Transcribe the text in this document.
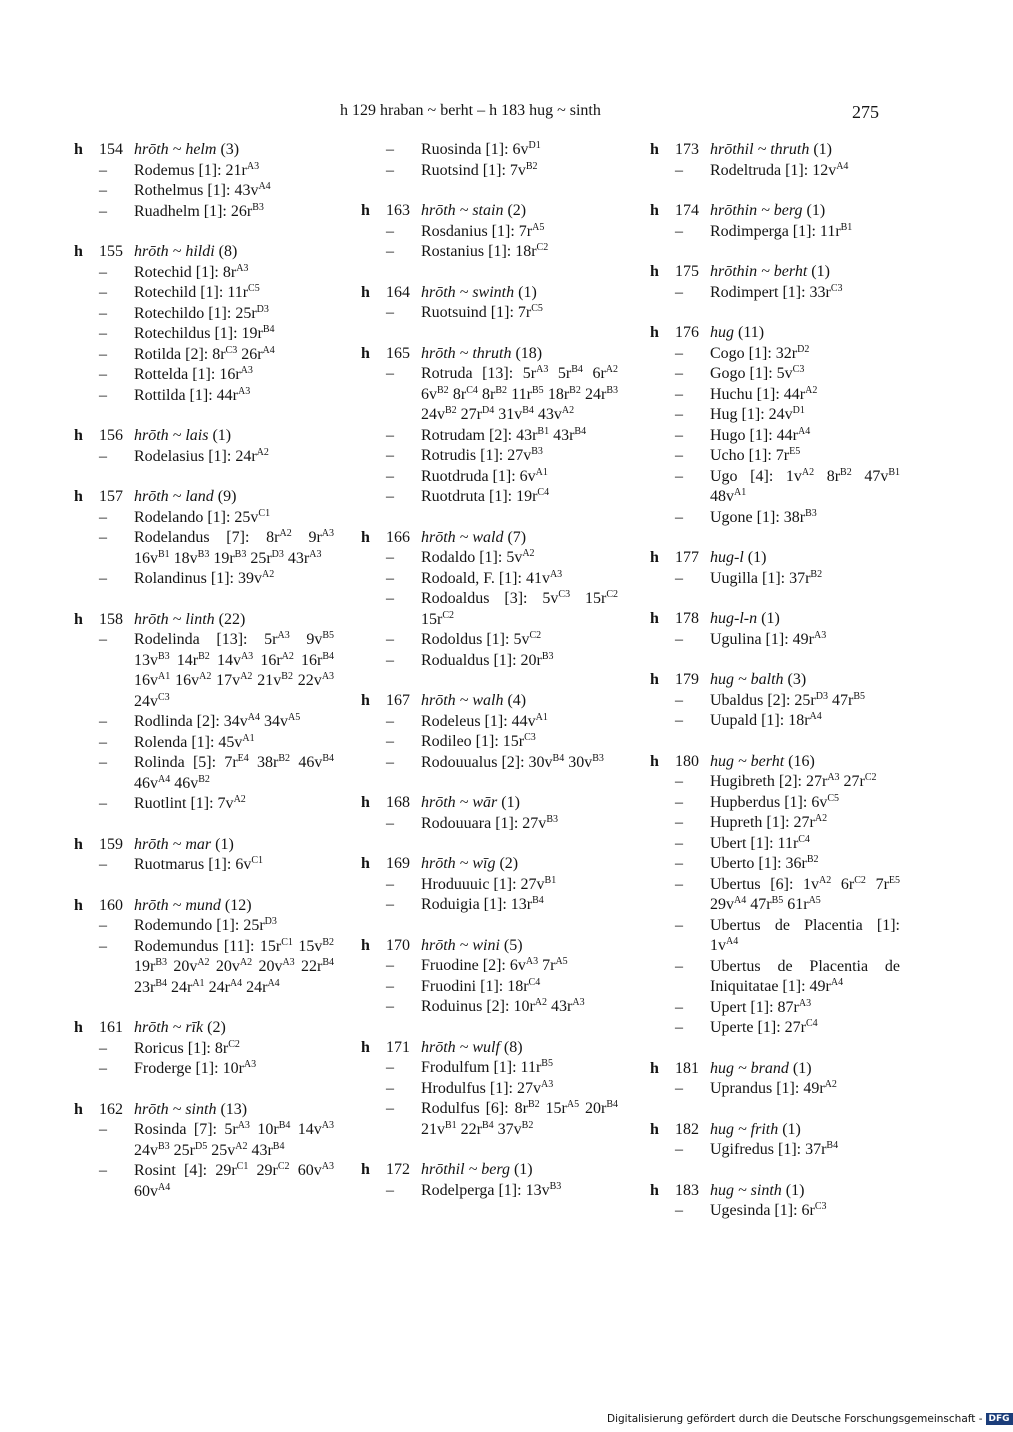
h 129 hraban ~ berht – h 183 hug ~ sinth	275
h 154 hrōth ~ helm (3)
– Rodemus [1]: $21r^{A3}$
– Rothelmus [1]: $43v^{A4}$
– Ruadhelm [1]: $26r^{B3}$
h 155 hrōth ~ hildi (8)
– Rotechid [1]: $8r^{A3}$
– Rotechild [1]: $11r^{C5}$
– Rotechildo [1]: $25r^{D3}$
– Rotechildus [1]: $19r^{B4}$
– Rotilda [2]: $8r^{C3}$ $26r^{A4}$
– Rottelda [1]: $16r^{A3}$
– Rottilda [1]: $44r^{A3}$
h 156 hrōth ~ lais (1)
– Rodelasius [1]: $24r^{A2}$
h 157 hrōth ~ land (9)
– Rodelando [1]: $25v^{C1}$
– Rodelandus [7]: $8r^{A2}$ $9r^{A3}$ $16v^{B1}$ $18v^{B3}$ $19r^{B3}$ $25r^{D3}$ $43r^{A3}$
– Rolandinus [1]: $39v^{A2}$
h 158 hrōth ~ linth (22)
– Rodelinda [13]: $5r^{A3}$ $9v^{B5}$ $13v^{B3}$ $14r^{B2}$ $14v^{A3}$ $16r^{A2}$ $16r^{B4}$ $16v^{A1}$ $16v^{A2}$ $17v^{A2}$ $21v^{B2}$ $22v^{A3}$ $24v^{C3}$
– Rodlinda [2]: $34v^{A4}$ $34v^{A5}$
– Rolenda [1]: $45v^{A1}$
– Rolinda [5]: $7r^{E4}$ $38r^{B2}$ $46v^{B4}$ $46v^{A4}$ $46v^{B2}$
– Ruotlint [1]: $7v^{A2}$
h 159 hrōth ~ mar (1)
– Ruotmarus [1]: $6v^{C1}$
h 160 hrōth ~ mund (12)
– Rodemundo [1]: $25r^{D3}$
– Rodemundus [11]: $15r^{C1}$ $15v^{B2}$ $19r^{B3}$ $20v^{A2}$ $20v^{A2}$ $20v^{A3}$ $22r^{B4}$ $23r^{B4}$ $24r^{A1}$ $24r^{A4}$ $24r^{A4}$
h 161 hrōth ~ rīk (2)
– Roricus [1]: $8r^{C2}$
– Froderge [1]: $10r^{A3}$
h 162 hrōth ~ sinth (13)
– Rosinda [7]: $5r^{A3}$ $10r^{B4}$ $14v^{A3}$ $24v^{B3}$ $25r^{D5}$ $25v^{A2}$ $43r^{B4}$
– Rosint [4]: $29r^{C1}$ $29r^{C2}$ $60v^{A3}$ $60v^{A4}$
– Ruosinda [1]: $6v^{D1}$
– Ruotsind [1]: $7v^{B2}$
h 163 hrōth ~ stain (2)
– Rosdanius [1]: $7r^{A5}$
– Rostanius [1]: $18r^{C2}$
h 164 hrōth ~ swinth (1)
– Ruotsuind [1]: $7r^{C5}$
h 165 hrōth ~ thruth (18)
– Rotruda [13]: $5r^{A3}$ $5r^{B4}$ $6r^{A2}$ $6v^{B2}$ $8r^{C4}$ $8r^{B2}$ $11r^{B5}$ $18r^{B2}$ $24r^{B3}$ $24v^{B2}$ $27r^{D4}$ $31v^{B4}$ $43v^{A2}$
– Rotrudam [2]: $43r^{B1}$ $43r^{B4}$
– Rotrudis [1]: $27v^{B3}$
– Ruotdruda [1]: $6v^{A1}$
– Ruotdruta [1]: $19r^{C4}$
h 166 hrōth ~ wald (7)
– Rodaldo [1]: $5v^{A2}$
– Rodoald, F. [1]: $41v^{A3}$
– Rodoaldus [3]: $5v^{C3}$ $15r^{C2}$ $15r^{C2}$
– Rodoldus [1]: $5v^{C2}$
– Rodualdus [1]: $20r^{B3}$
h 167 hrōth ~ walh (4)
– Rodeleus [1]: $44v^{A1}$
– Rodileo [1]: $15r^{C3}$
– Rodouualus [2]: $30v^{B4}$ $30v^{B3}$
h 168 hrōth ~ wār (1)
– Rodouuara [1]: $27v^{B3}$
h 169 hrōth ~ wīg (2)
– Hroduuuic [1]: $27v^{B1}$
– Roduigia [1]: $13r^{B4}$
h 170 hrōth ~ wini (5)
– Fruodine [2]: $6v^{A3}$ $7r^{A5}$
– Fruodini [1]: $18r^{C4}$
– Roduinus [2]: $10r^{A2}$ $43r^{A3}$
h 171 hrōth ~ wulf (8)
– Frodulfum [1]: $11r^{B5}$
– Hrodulfus [1]: $27v^{A3}$
– Rodulfus [6]: $8r^{B2}$ $15r^{A5}$ $20r^{B4}$ $21v^{B1}$ $22r^{B4}$ $37v^{B2}$
h 172 hrōthil ~ berg (1)
– Rodelperga [1]: $13v^{B3}$
h 173 hrōthil ~ thruth (1)
– Rodeltruda [1]: $12v^{A4}$
h 174 hrōthin ~ berg (1)
– Rodimperga [1]: $11r^{B1}$
h 175 hrōthin ~ berht (1)
– Rodimpert [1]: $33r^{C3}$
h 176 hug (11)
– Cogo [1]: $32r^{D2}$
– Gogo [1]: $5v^{C3}$
– Huchu [1]: $44r^{A2}$
– Hug [1]: $24v^{D1}$
– Hugo [1]: $44r^{A4}$
– Ucho [1]: $7r^{E5}$
– Ugo [4]: $1v^{A2}$ $8r^{B2}$ $47v^{B1}$ $48v^{A1}$
– Ugone [1]: $38r^{B3}$
h 177 hug-l (1)
– Uugilla [1]: $37r^{B2}$
h 178 hug-l-n (1)
– Ugulina [1]: $49r^{A3}$
h 179 hug ~ balth (3)
– Ubaldus [2]: $25r^{D3}$ $47r^{B5}$
– Uupald [1]: $18r^{A4}$
h 180 hug ~ berht (16)
– Hugibreth [2]: $27r^{A3}$ $27r^{C2}$
– Hupberdus [1]: $6v^{C5}$
– Hupreth [1]: $27r^{A2}$
– Ubert [1]: $11r^{C4}$
– Uberto [1]: $36r^{B2}$
– Ubertus [6]: $1v^{A2}$ $6r^{C2}$ $7r^{E5}$ $29v^{A4}$ $47r^{B5}$ $61r^{A5}$
– Ubertus de Placentia [1]: $1v^{A4}$
– Ubertus de Placentia de Iniquitatae [1]: $49r^{A4}$
– Upert [1]: $87r^{A3}$
– Uperte [1]: $27r^{C4}$
h 181 hug ~ brand (1)
– Uprandus [1]: $49r^{A2}$
h 182 hug ~ frith (1)
– Ugifredus [1]: $37r^{B4}$
h 183 hug ~ sinth (1)
– Ugesinda [1]: $6r^{C3}$
Digitalisierung gefördert durch die Deutsche Forschungsgemeinschaft - DFG
